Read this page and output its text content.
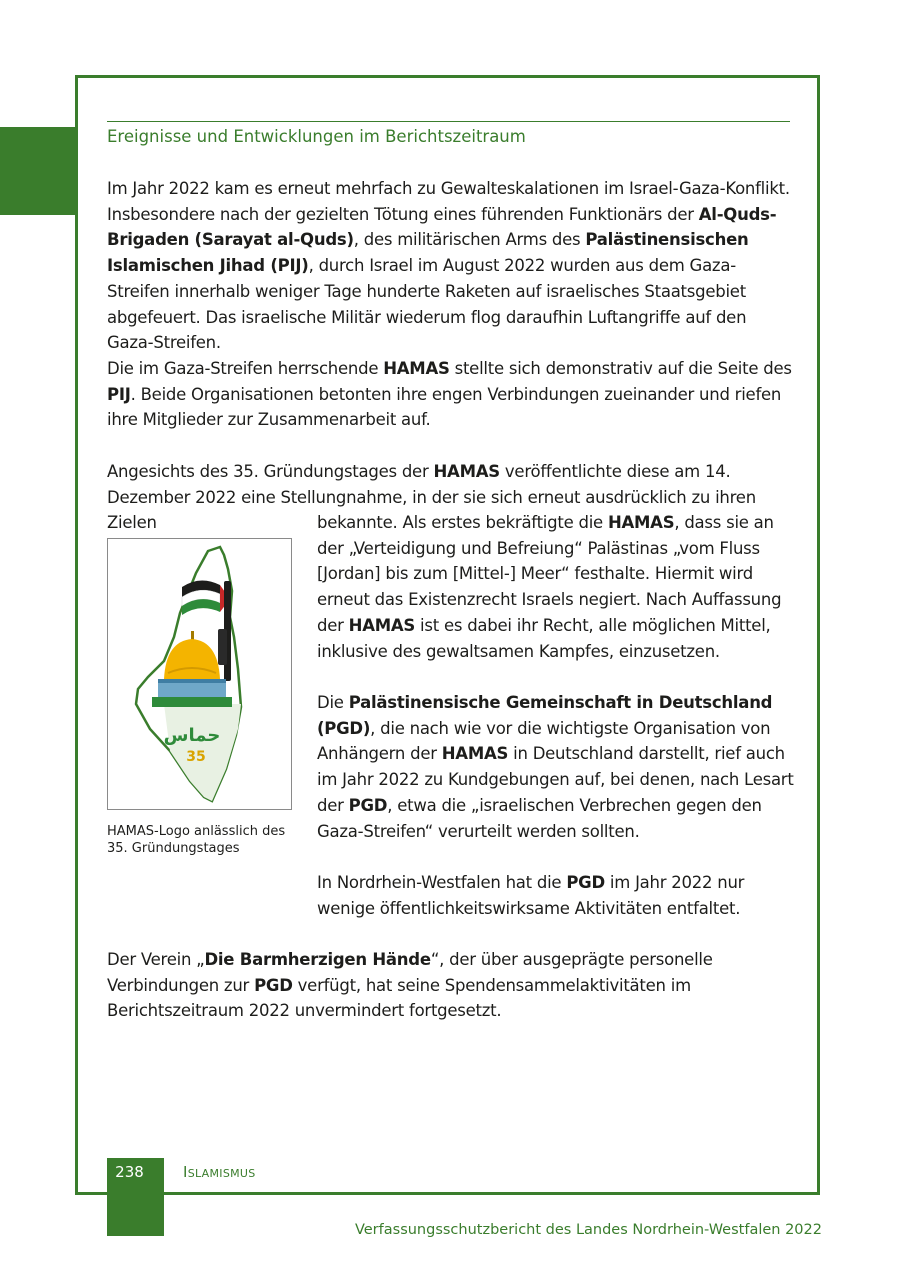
Ereignisse und Entwicklungen im Berichtszeitraum

Im Jahr 2022 kam es erneut mehrfach zu Gewalteskalationen im Israel-Gaza-Konflikt. Insbesondere nach der gezielten Tötung eines führenden Funktionärs der Al-Quds-Brigaden (Sarayat al-Quds), des militärischen Arms des Palästinensischen Islamischen Jihad (PIJ), durch Israel im August 2022 wurden aus dem Gaza-Streifen innerhalb weniger Tage hunderte Raketen auf israelisches Staatsgebiet abgefeuert. Das israelische Militär wiederum flog daraufhin Luftangriffe auf den Gaza-Streifen.

Die im Gaza-Streifen herrschende HAMAS stellte sich demonstrativ auf die Seite des PIJ. Beide Organisationen betonten ihre engen Verbindungen zueinander und riefen ihre Mitglieder zur Zusammenarbeit auf.

Angesichts des 35. Gründungstages der HAMAS veröffentlichte diese am 14. Dezember 2022 eine Stellungnahme, in der sie sich erneut ausdrücklich zu ihren Zielen	bekannte. Als erstes bekräftigte die HAMAS, dass sie an der „Verteidigung und Befreiung“ Palästinas „vom Fluss [Jordan] bis zum [Mittel-] Meer“ festhalte. Hiermit wird erneut das Existenzrecht Israels negiert. Nach Auffassung der HAMAS ist es dabei ihr Recht, alle möglichen Mittel, inklusive des gewaltsamen Kampfes, einzusetzen.

Die Palästinensische Gemeinschaft in Deutschland (PGD), die nach wie vor die wichtigste Organisation von Anhängern der HAMAS in Deutschland darstellt, rief auch im Jahr 2022 zu Kundgebungen auf, bei denen, nach Lesart der PGD, etwa die „israelischen Verbrechen gegen den Gaza-Streifen“ verurteilt werden sollten.

In Nordrhein-Westfalen hat die PGD im Jahr 2022 nur wenige öffentlichkeitswirksame Aktivitäten entfaltet.

Der Verein „Die Barmherzigen Hände“, der über ausgeprägte personelle Verbindungen zur PGD verfügt, hat seine Spendensammelaktivitäten im Berichtszeitraum 2022 unvermindert fortgesetzt.

حماس
35
HAMAS-Logo anlässlich des 35. Gründungstages
238	Islamismus
Verfassungsschutzbericht des Landes Nordrhein-Westfalen 2022
